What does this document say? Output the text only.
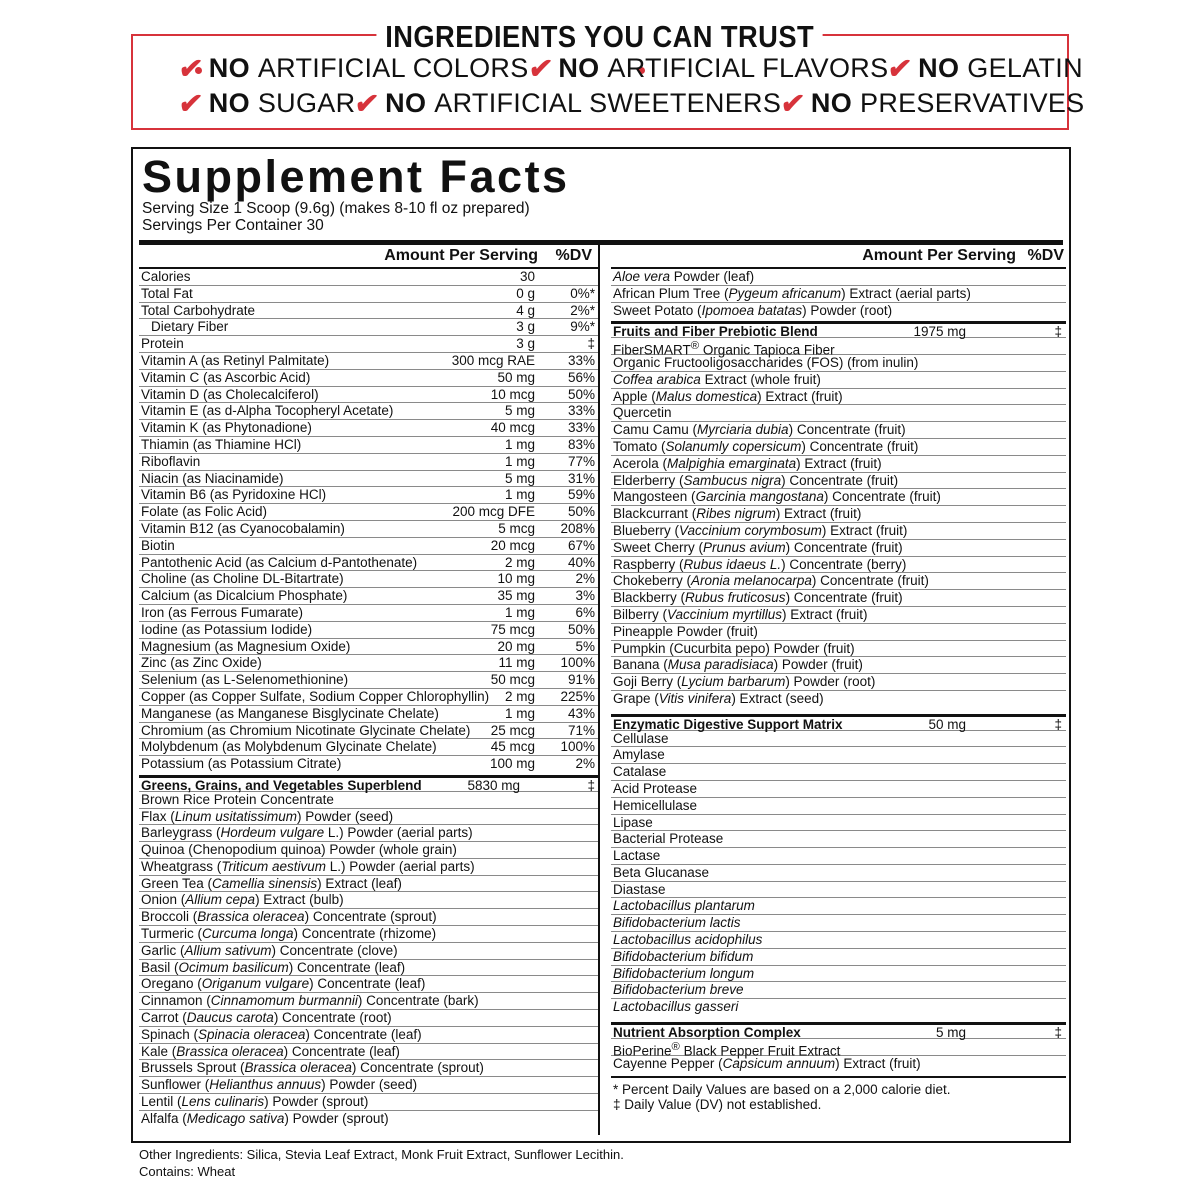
INGREDIENTS YOU CAN TRUST
✔ NO ARTIFICIAL COLORS
✔ NO ARTIFICIAL FLAVORS
✔ NO GELATIN
✔ NO SUGAR
✔ NO ARTIFICIAL SWEETENERS
✔ NO PRESERVATIVES
Supplement Facts
Serving Size 1 Scoop (9.6g) (makes 8-10 fl oz prepared)
Servings Per Container 30
Amount Per Serving %DV
Calories	30
Total Fat	0 g	0%*
Total Carbohydrate	4 g	2%*
Dietary Fiber	3 g	9%*
Protein	3 g	‡
Vitamin A (as Retinyl Palmitate)	300 mcg RAE 33%
Vitamin C (as Ascorbic Acid)	50 mg 56%
Vitamin D (as Cholecalciferol)	10 mcg 50%
Vitamin E (as d-Alpha Tocopheryl Acetate)	5 mg 33%
Vitamin K (as Phytonadione)	40 mcg 33%
Thiamin (as Thiamine HCl)	1 mg 83%
Riboflavin	1 mg 77%
Niacin (as Niacinamide)	5 mg 31%
Vitamin B6 (as Pyridoxine HCl)	1 mg 59%
Folate (as Folic Acid)	200 mcg DFE 50%
Vitamin B12 (as Cyanocobalamin)	5 mcg 208%
Biotin	20 mcg 67%
Pantothenic Acid (as Calcium d-Pantothenate)	2 mg 40%
Choline (as Choline DL-Bitartrate)	10 mg	2%
Calcium (as Dicalcium Phosphate)	35 mg	3%
Iron (as Ferrous Fumarate)	1 mg	6%
Iodine (as Potassium Iodide)	75 mcg 50%
Magnesium (as Magnesium Oxide)	20 mg	5%
Zinc (as Zinc Oxide)	11 mg 100%
Selenium (as L-Selenomethionine)	50 mcg 91%
Copper (as Copper Sulfate, Sodium Copper Chlorophyllin) 2 mg 225%
Manganese (as Manganese Bisglycinate Chelate)	1 mg 43%
Chromium (as Chromium Nicotinate Glycinate Chelate) 25 mcg 71%
Molybdenum (as Molybdenum Glycinate Chelate)	45 mcg 100%
Potassium (as Potassium Citrate)	100 mg	2%
Greens, Grains, and Vegetables Superblend	5830 mg	‡
Brown Rice Protein Concentrate
Flax (Linum usitatissimum) Powder (seed)
Barleygrass (Hordeum vulgare L.) Powder (aerial parts)
Quinoa (Chenopodium quinoa) Powder (whole grain)
Wheatgrass (Triticum aestivum L.) Powder (aerial parts)
Green Tea (Camellia sinensis) Extract (leaf)
Onion (Allium cepa) Extract (bulb)
Broccoli (Brassica oleracea) Concentrate (sprout)
Turmeric (Curcuma longa) Concentrate (rhizome)
Garlic (Allium sativum) Concentrate (clove)
Basil (Ocimum basilicum) Concentrate (leaf)
Oregano (Origanum vulgare) Concentrate (leaf)
Cinnamon (Cinnamomum burmannii) Concentrate (bark)
Carrot (Daucus carota) Concentrate (root)
Spinach (Spinacia oleracea) Concentrate (leaf)
Kale (Brassica oleracea) Concentrate (leaf)
Brussels Sprout (Brassica oleracea) Concentrate (sprout)
Sunflower (Helianthus annuus) Powder (seed)
Lentil (Lens culinaris) Powder (sprout)
Alfalfa (Medicago sativa) Powder (sprout)
Amount Per Serving %DV
Aloe vera Powder (leaf)
African Plum Tree (Pygeum africanum) Extract (aerial parts)
Sweet Potato (Ipomoea batatas) Powder (root)
Fruits and Fiber Prebiotic Blend	1975 mg	‡
FiberSMART® Organic Tapioca Fiber
Organic Fructooligosaccharides (FOS) (from inulin)
Coffea arabica Extract (whole fruit)
Apple (Malus domestica) Extract (fruit)
Quercetin
Camu Camu (Myrciaria dubia) Concentrate (fruit)
Tomato (Solanumly copersicum) Concentrate (fruit)
Acerola (Malpighia emarginata) Extract (fruit)
Elderberry (Sambucus nigra) Concentrate (fruit)
Mangosteen (Garcinia mangostana) Concentrate (fruit)
Blackcurrant (Ribes nigrum) Extract (fruit)
Blueberry (Vaccinium corymbosum) Extract (fruit)
Sweet Cherry (Prunus avium) Concentrate (fruit)
Raspberry (Rubus idaeus L.) Concentrate (berry)
Chokeberry (Aronia melanocarpa) Concentrate (fruit)
Blackberry (Rubus fruticosus) Concentrate (fruit)
Bilberry (Vaccinium myrtillus) Extract (fruit)
Pineapple Powder (fruit)
Pumpkin (Cucurbita pepo) Powder (fruit)
Banana (Musa paradisiaca) Powder (fruit)
Goji Berry (Lycium barbarum) Powder (root)
Grape (Vitis vinifera) Extract (seed)
Enzymatic Digestive Support Matrix	50 mg	‡
Cellulase
Amylase
Catalase
Acid Protease
Hemicellulase
Lipase
Bacterial Protease
Lactase
Beta Glucanase
Diastase
Lactobacillus plantarum
Bifidobacterium lactis
Lactobacillus acidophilus
Bifidobacterium bifidum
Bifidobacterium longum
Bifidobacterium breve
Lactobacillus gasseri
Nutrient Absorption Complex	5 mg	‡
BioPerine® Black Pepper Fruit Extract
Cayenne Pepper (Capsicum annuum) Extract (fruit)
* Percent Daily Values are based on a 2,000 calorie diet.
‡ Daily Value (DV) not established.
Other Ingredients: Silica, Stevia Leaf Extract, Monk Fruit Extract, Sunflower Lecithin.
Contains: Wheat
